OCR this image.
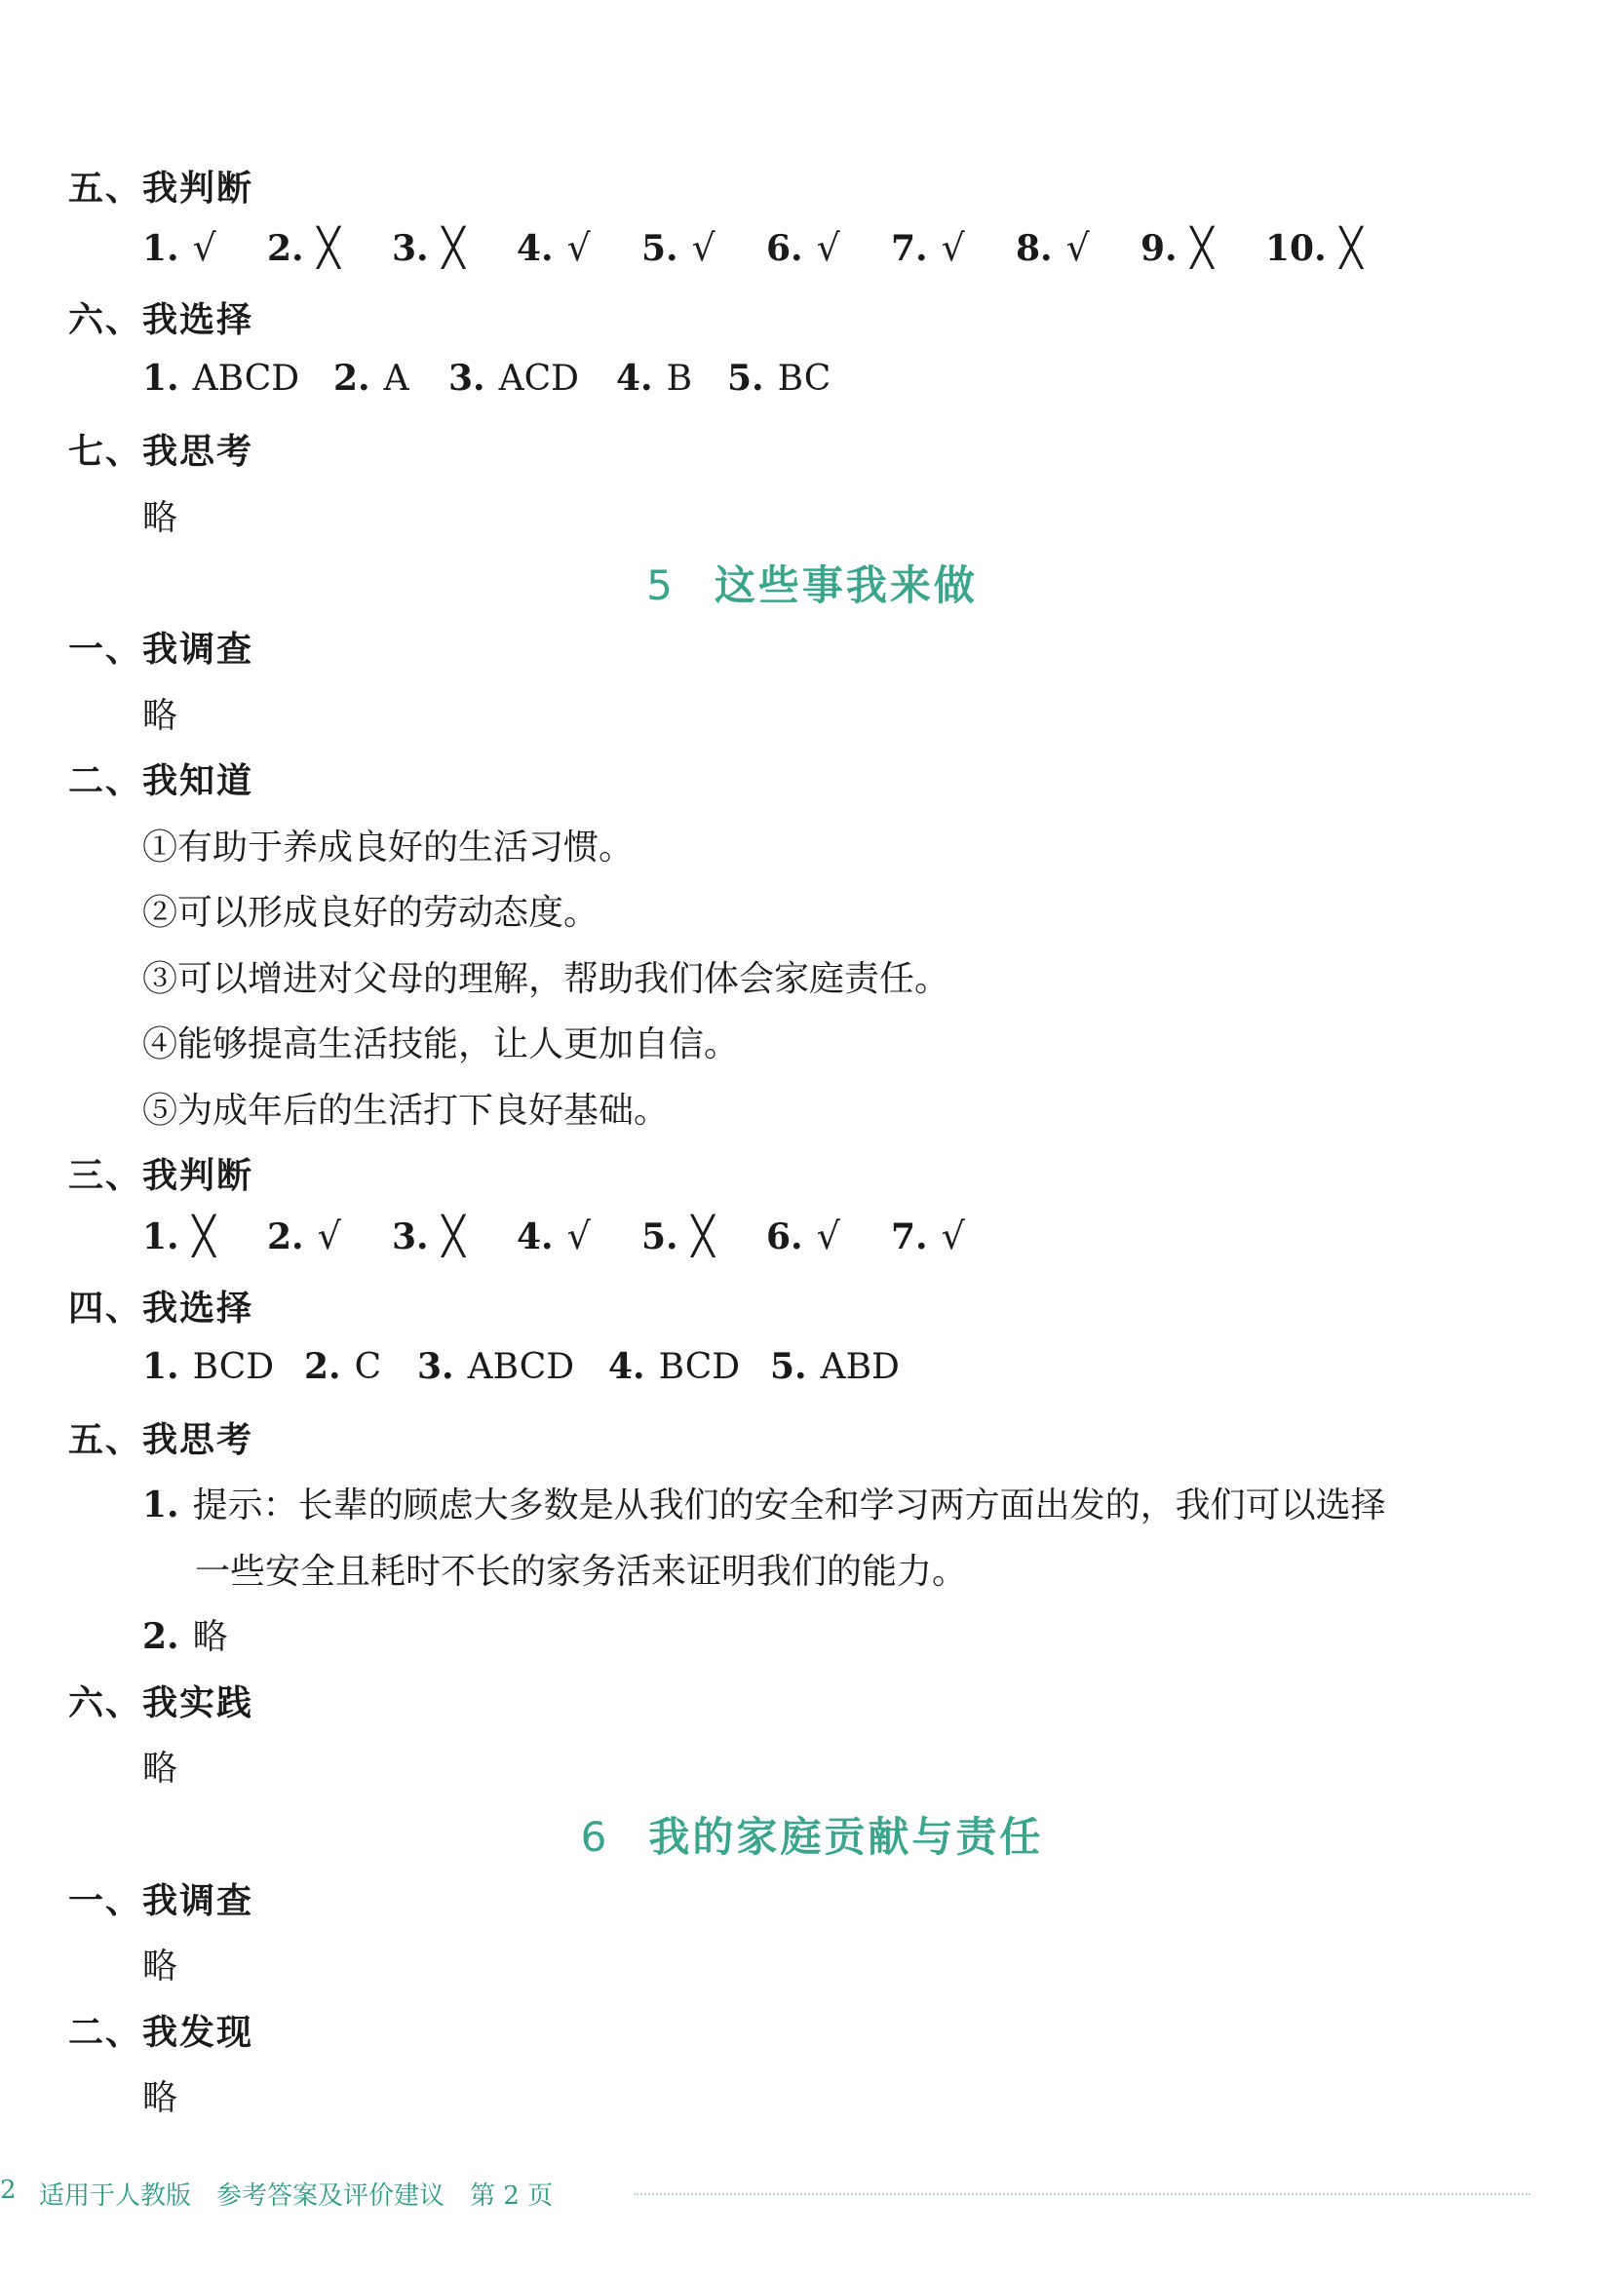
五、我判断
1. √ 2. ╳ 3. ╳ 4. √ 5. √ 6. √ 7. √ 8. √ 9. ╳ 10. ╳
六、我选择
1. ABCD 2. A 3. ACD 4. B 5. BC
七、我思考
略
5 这些事我来做
一、我调查
略
二、我知道
①有助于养成良好的生活习惯。
②可以形成良好的劳动态度。
③可以增进对父母的理解，帮助我们体会家庭责任。
④能够提高生活技能，让人更加自信。
⑤为成年后的生活打下良好基础。
三、我判断
1. ╳ 2. √ 3. ╳ 4. √ 5. ╳ 6. √ 7. √
四、我选择
1. BCD 2. C 3. ABCD 4. BCD 5. ABD
五、我思考
1. 提示：长辈的顾虑大多数是从我们的安全和学习两方面出发的，我们可以选择
一些安全且耗时不长的家务活来证明我们的能力。
2. 略
六、我实践
略
6 我的家庭贡献与责任
一、我调查
略
二、我发现
略
2 适用于人教版　参考答案及评价建议　第 2 页
